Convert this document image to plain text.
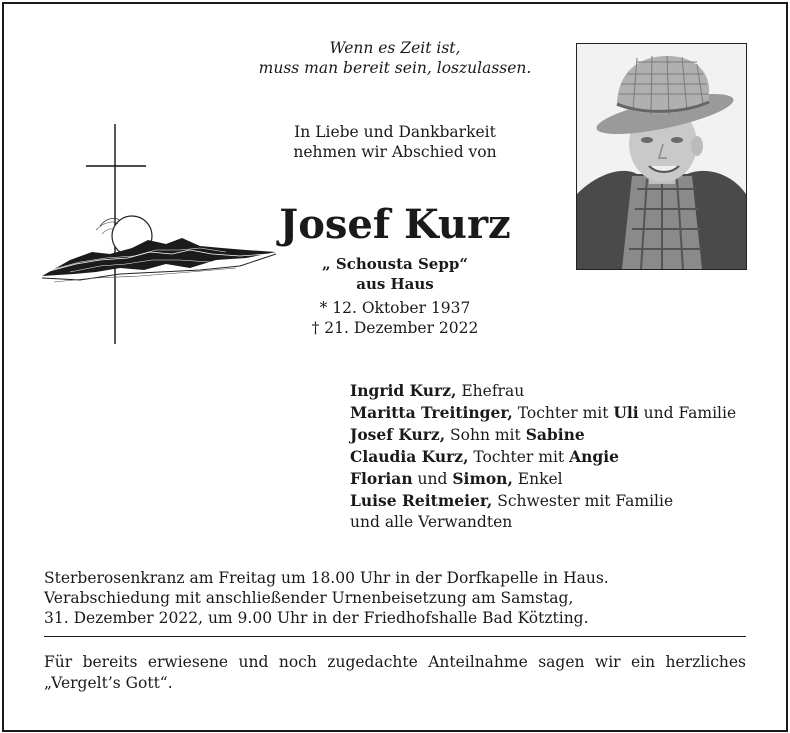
Wenn es Zeit ist,
muss man bereit sein, loszulassen.
In Liebe und Dankbarkeit
nehmen wir Abschied von
Josef Kurz
„ Schousta Sepp“
aus Haus
* 12. Oktober 1937
† 21. Dezember 2022
Ingrid Kurz, Ehefrau
Maritta Treitinger, Tochter mit Uli und Familie
Josef Kurz, Sohn mit Sabine
Claudia Kurz, Tochter mit Angie
Florian und Simon, Enkel
Luise Reitmeier, Schwester mit Familie
und alle Verwandten
Sterberosenkranz am Freitag um 18.00 Uhr in der Dorfkapelle in Haus.
Verabschiedung mit anschließender Urnenbeisetzung am Samstag,
31. Dezember 2022, um 9.00 Uhr in der Friedhofshalle Bad Kötzting.
Für bereits erwiesene und noch zugedachte Anteilnahme sagen wir ein herzliches
„Vergelt’s Gott“.
